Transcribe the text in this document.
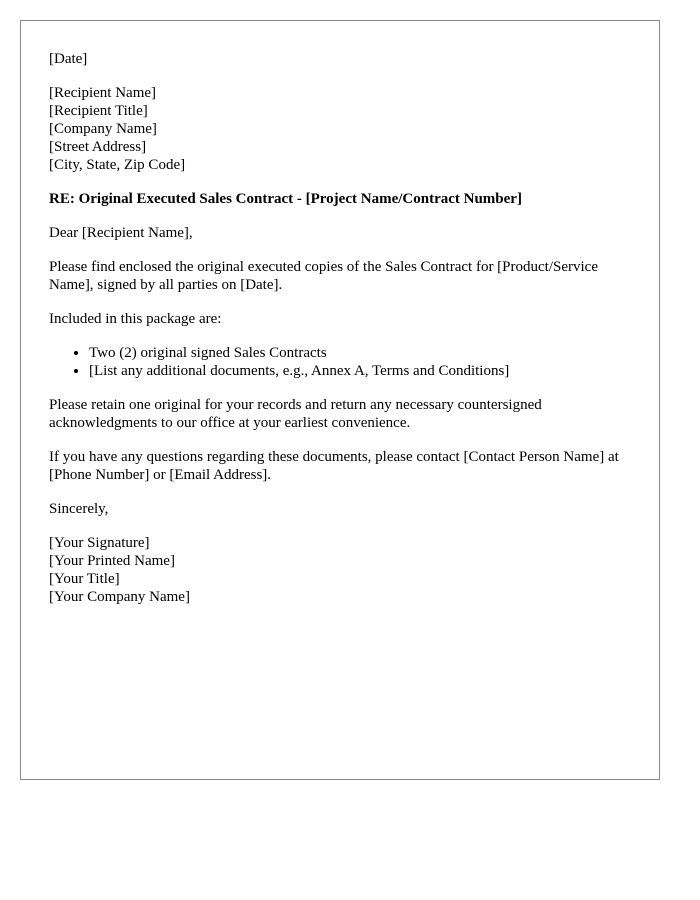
[Date]

[Recipient Name]
[Recipient Title]
[Company Name]
[Street Address]
[City, State, Zip Code]

RE: Original Executed Sales Contract - [Project Name/Contract Number]

Dear [Recipient Name],

Please find enclosed the original executed copies of the Sales Contract for [Product/Service Name], signed by all parties on [Date].

Included in this package are:

• Two (2) original signed Sales Contracts
• [List any additional documents, e.g., Annex A, Terms and Conditions]

Please retain one original for your records and return any necessary countersigned acknowledgments to our office at your earliest convenience.

If you have any questions regarding these documents, please contact [Contact Person Name] at [Phone Number] or [Email Address].

Sincerely,

[Your Signature]
[Your Printed Name]
[Your Title]
[Your Company Name]
